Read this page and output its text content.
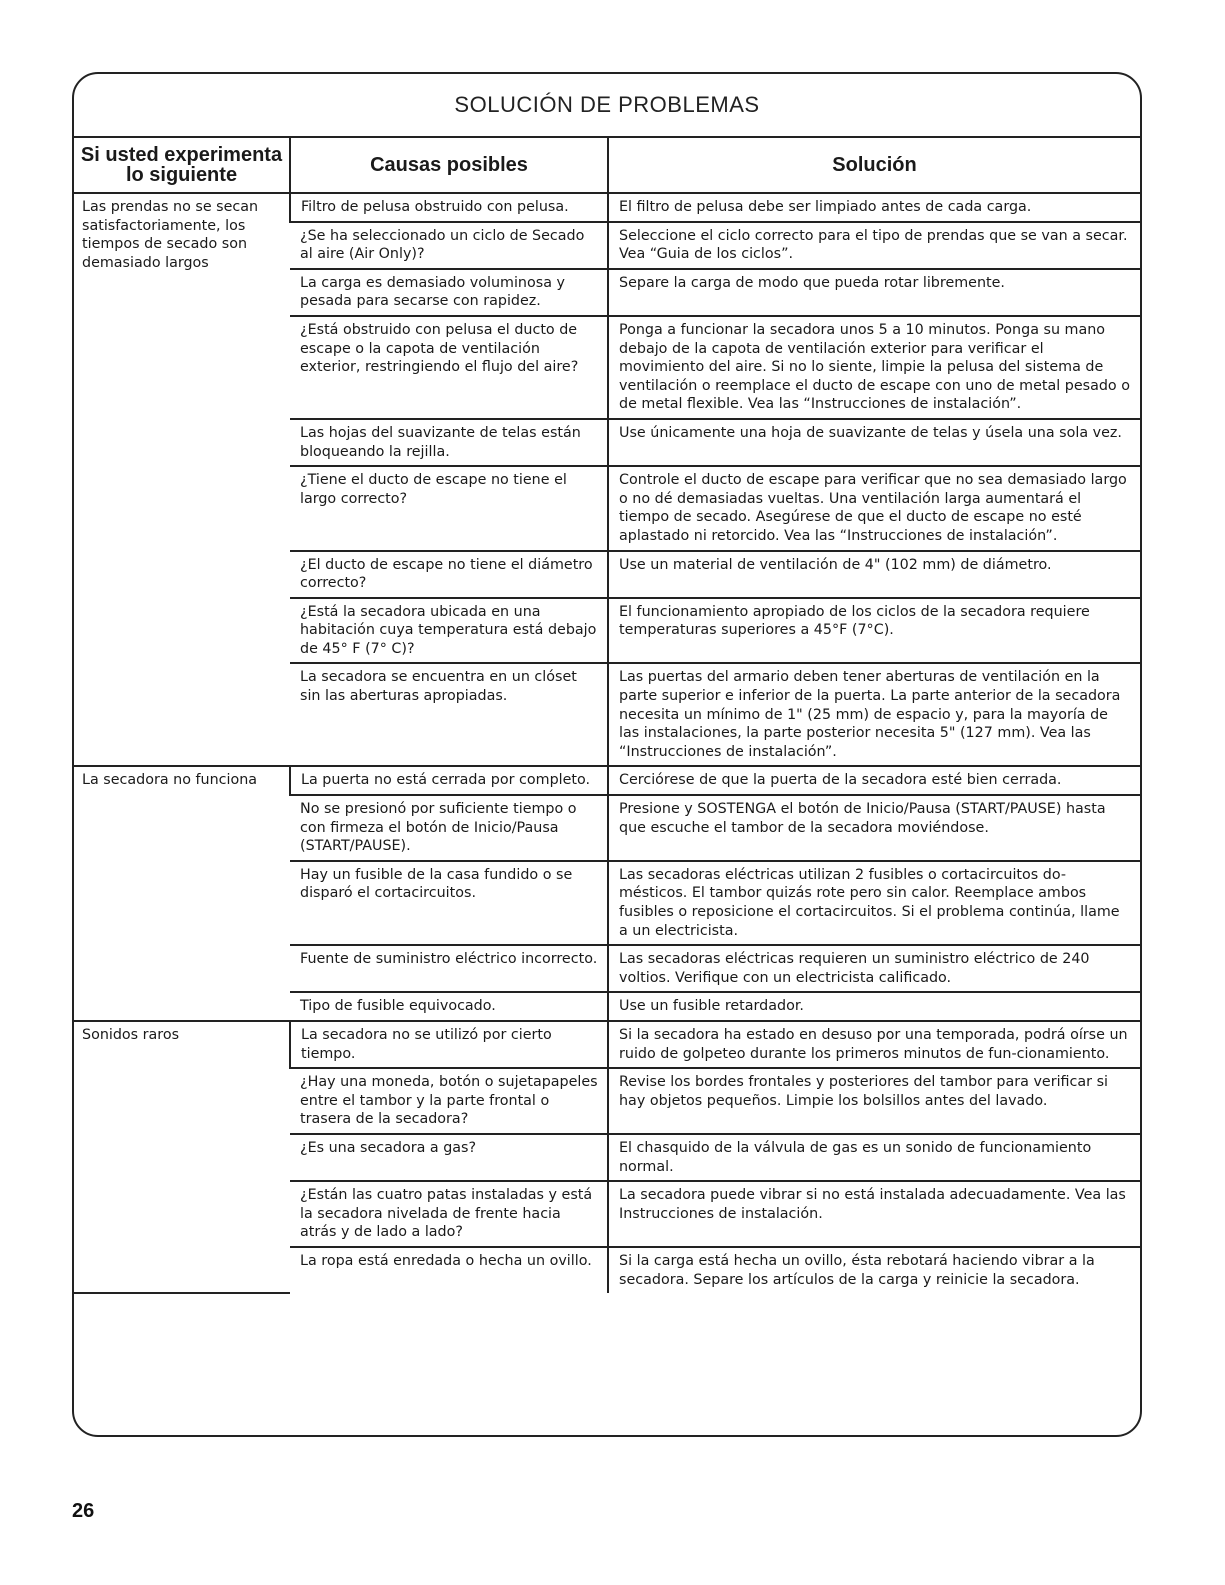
SOLUCIÓN DE PROBLEMAS
Si usted experimenta lo siguiente	Causas posibles	Solución
Las prendas no se secan satisfactoriamente, los tiempos de secado son demasiado largos	Filtro de pelusa obstruido con pelusa.	El filtro de pelusa debe ser limpiado antes de cada carga.
	¿Se ha seleccionado un ciclo de Secado al aire (Air Only)?	Seleccione el ciclo correcto para el tipo de prendas que se van a secar. Vea “Guia de los ciclos”.
	La carga es demasiado voluminosa y pesada para secarse con rapidez.	Separe la carga de modo que pueda rotar libremente.
	¿Está obstruido con pelusa el ducto de escape o la capota de ventilación exterior, restringiendo el flujo del aire?	Ponga a funcionar la secadora unos 5 a 10 minutos. Ponga su mano debajo de la capota de ventilación exterior para verificar el movimiento del aire. Si no lo siente, limpie la pelusa del sistema de ventilación o reemplace el ducto de escape con uno de metal pesado o de metal flexible. Vea las “Instrucciones de instalación”.
	Las hojas del suavizante de telas están bloqueando la rejilla.	Use únicamente una hoja de suavizante de telas y úsela una sola vez.
	¿Tiene el ducto de escape no tiene el largo correcto?	Controle el ducto de escape para verificar que no sea demasiado largo o no dé demasiadas vueltas. Una ventilación larga aumentará el tiempo de secado. Asegúrese de que el ducto de escape no esté aplastado ni retorcido. Vea las “Instrucciones de instalación”.
	¿El ducto de escape no tiene el diámetro correcto?	Use un material de ventilación de 4" (102 mm) de diámetro.
	¿Está la secadora ubicada en una habitación cuya temperatura está debajo de 45° F (7° C)?	El funcionamiento apropiado de los ciclos de la secadora requiere temperaturas superiores a 45°F (7°C).
	La secadora se encuentra en un clóset sin las aberturas apropiadas.	Las puertas del armario deben tener aberturas de ventilación en la parte superior e inferior de la puerta. La parte anterior de la secadora necesita un mínimo de 1" (25 mm) de espacio y, para la mayoría de las instalaciones, la parte posterior necesita 5" (127 mm). Vea las “Instrucciones de instalación”.
La secadora no funciona	La puerta no está cerrada por completo.	Cerciórese de que la puerta de la secadora esté bien cerrada.
	No se presionó por suficiente tiempo o con firmeza el botón de Inicio/Pausa (START/PAUSE).	Presione y SOSTENGA el botón de Inicio/Pausa (START/PAUSE) hasta que escuche el tambor de la secadora moviéndose.
	Hay un fusible de la casa fundido o se disparó el cortacircuitos.	Las secadoras eléctricas utilizan 2 fusibles o cortacircuitos do-mésticos. El tambor quizás rote pero sin calor. Reemplace ambos fusibles o reposicione el cortacircuitos. Si el problema continúa, llame a un electricista.
	Fuente de suministro eléctrico incorrecto.	Las secadoras eléctricas requieren un suministro eléctrico de 240 voltios. Verifique con un electricista calificado.
	Tipo de fusible equivocado.	Use un fusible retardador.
Sonidos raros	La secadora no se utilizó por cierto tiempo.	Si la secadora ha estado en desuso por una temporada, podrá oírse un ruido de golpeteo durante los primeros minutos de fun-cionamiento.
	¿Hay una moneda, botón o sujetapapeles entre el tambor y la parte frontal o trasera de la secadora?	Revise los bordes frontales y posteriores del tambor para verificar si hay objetos pequeños. Limpie los bolsillos antes del lavado.
	¿Es una secadora a gas?	El chasquido de la válvula de gas es un sonido de funcionamiento normal.
	¿Están las cuatro patas instaladas y está la secadora nivelada de frente hacia atrás y de lado a lado?	La secadora puede vibrar si no está instalada adecuadamente. Vea las Instrucciones de instalación.
	La ropa está enredada o hecha un ovillo.	Si la carga está hecha un ovillo, ésta rebotará haciendo vibrar a la secadora. Separe los artículos de la carga y reinicie la secadora.
26
